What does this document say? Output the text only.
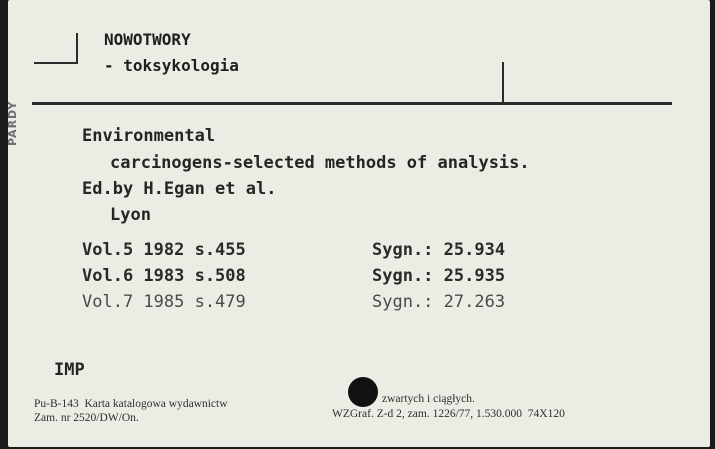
PARDY
NOWOTWORY
- toksykologia
Environmental
carcinogens-selected methods of analysis.
Ed.by H.Egan et al.
Lyon
Vol.5 1982 s.455	Sygn.: 25.934
Vol.6 1983 s.508	Sygn.: 25.935
Vol.7 1985 s.479	Sygn.: 27.263
IMP
Pu-B-143  Karta katalogowa wydawnictw	zwartych i ciągłych.
Zam. nr 2520/DW/On.	WZGraf. Z-d 2, zam. 1226/77, 1.530.000  74X120
